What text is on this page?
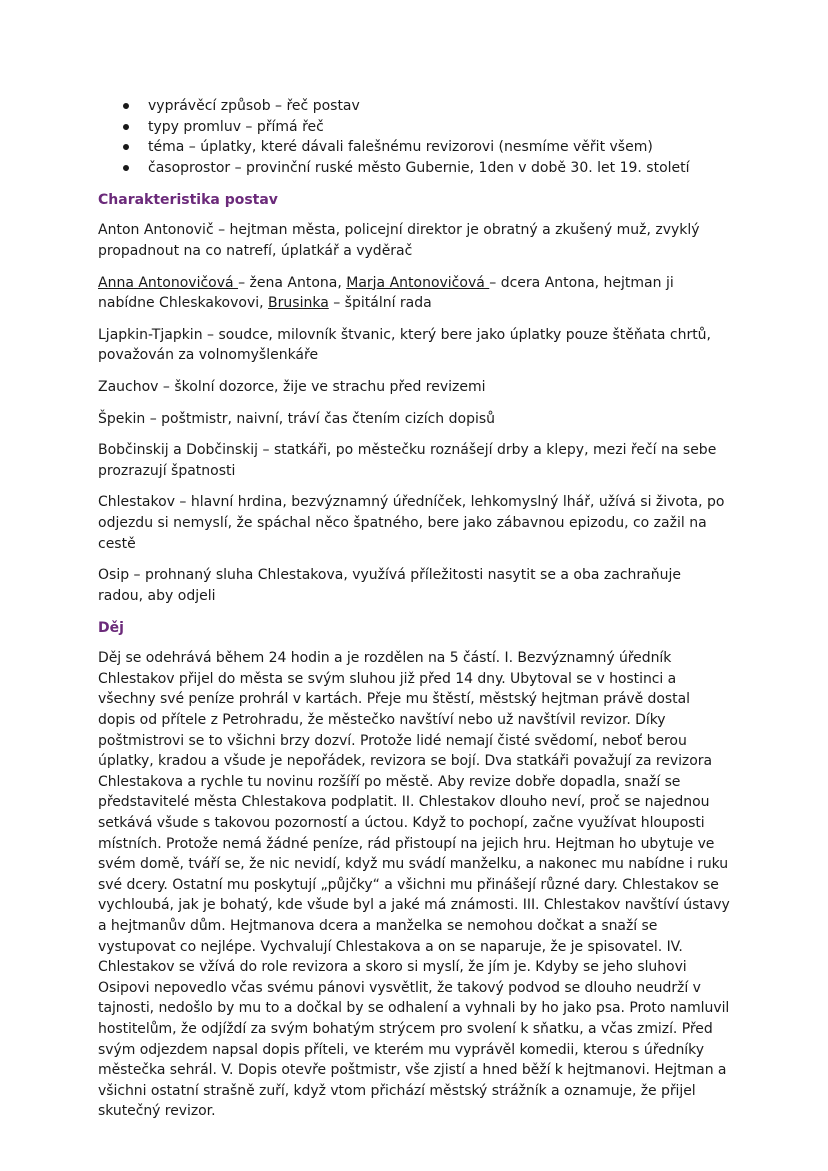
vyprávěcí způsob – řeč postav
typy promluv – přímá řeč
téma – úplatky, které dávali falešnému revizorovi (nesmíme věřit všem)
časoprostor – provinční ruské město Gubernie, 1den v době 30. let 19. století
Charakteristika postav

Anton Antonovič – hejtman města, policejní direktor je obratný a zkušený muž, zvyklý propadnout na co natrefí, úplatkář a vyděrač

Anna Antonovičová – žena Antona, Marja Antonovičová – dcera Antona, hejtman ji nabídne Chleskakovovi, Brusinka – špitální rada

Ljapkin-Tjapkin – soudce, milovník štvanic, který bere jako úplatky pouze štěňata chrtů, považován za volnomyšlenkáře

Zauchov – školní dozorce, žije ve strachu před revizemi

Špekin – poštmistr, naivní, tráví čas čtením cizích dopisů

Bobčinskij a Dobčinskij – statkáři, po městečku roznášejí drby a klepy, mezi řečí na sebe prozrazují špatnosti

Chlestakov – hlavní hrdina, bezvýznamný úředníček, lehkomyslný lhář, užívá si života, po odjezdu si nemyslí, že spáchal něco špatného, bere jako zábavnou epizodu, co zažil na cestě

Osip – prohnaný sluha Chlestakova, využívá příležitosti nasytit se a oba zachraňuje radou, aby odjeli

Děj

Děj se odehrává během 24 hodin a je rozdělen na 5 částí. I. Bezvýznamný úředník Chlestakov přijel do města se svým sluhou již před 14 dny. Ubytoval se v hostinci a všechny své peníze prohrál v kartách. Přeje mu štěstí, městský hejtman právě dostal dopis od přítele z Petrohradu, že městečko navštíví nebo už navštívil revizor. Díky poštmistrovi se to všichni brzy dozví. Protože lidé nemají čisté svědomí, neboť berou úplatky, kradou a všude je nepořádek, revizora se bojí. Dva statkáři považují za revizora Chlestakova a rychle tu novinu rozšíří po městě. Aby revize dobře dopadla, snaží se představitelé města Chlestakova podplatit. II. Chlestakov dlouho neví, proč se najednou setkává všude s takovou pozorností a úctou. Když to pochopí, začne využívat hlouposti místních. Protože nemá žádné peníze, rád přistoupí na jejich hru. Hejtman ho ubytuje ve svém domě, tváří se, že nic nevidí, když mu svádí manželku, a nakonec mu nabídne i ruku své dcery. Ostatní mu poskytují „půjčky“ a všichni mu přinášejí různé dary. Chlestakov se vychloubá, jak je bohatý, kde všude byl a jaké má známosti. III. Chlestakov navštíví ústavy a hejtmanův dům. Hejtmanova dcera a manželka se nemohou dočkat a snaží se vystupovat co nejlépe. Vychvalují Chlestakova a on se naparuje, že je spisovatel. IV. Chlestakov se vžívá do role revizora a skoro si myslí, že jím je. Kdyby se jeho sluhovi Osipovi nepovedlo včas svému pánovi vysvětlit, že takový podvod se dlouho neudrží v tajnosti, nedošlo by mu to a dočkal by se odhalení a vyhnali by ho jako psa. Proto namluvil hostitelům, že odjíždí za svým bohatým strýcem pro svolení k sňatku, a včas zmizí. Před svým odjezdem napsal dopis příteli, ve kterém mu vyprávěl komedii, kterou s úředníky městečka sehrál. V. Dopis otevře poštmistr, vše zjistí a hned běží k hejtmanovi. Hejtman a všichni ostatní strašně zuří, když vtom přichází městský strážník a oznamuje, že přijel skutečný revizor.
